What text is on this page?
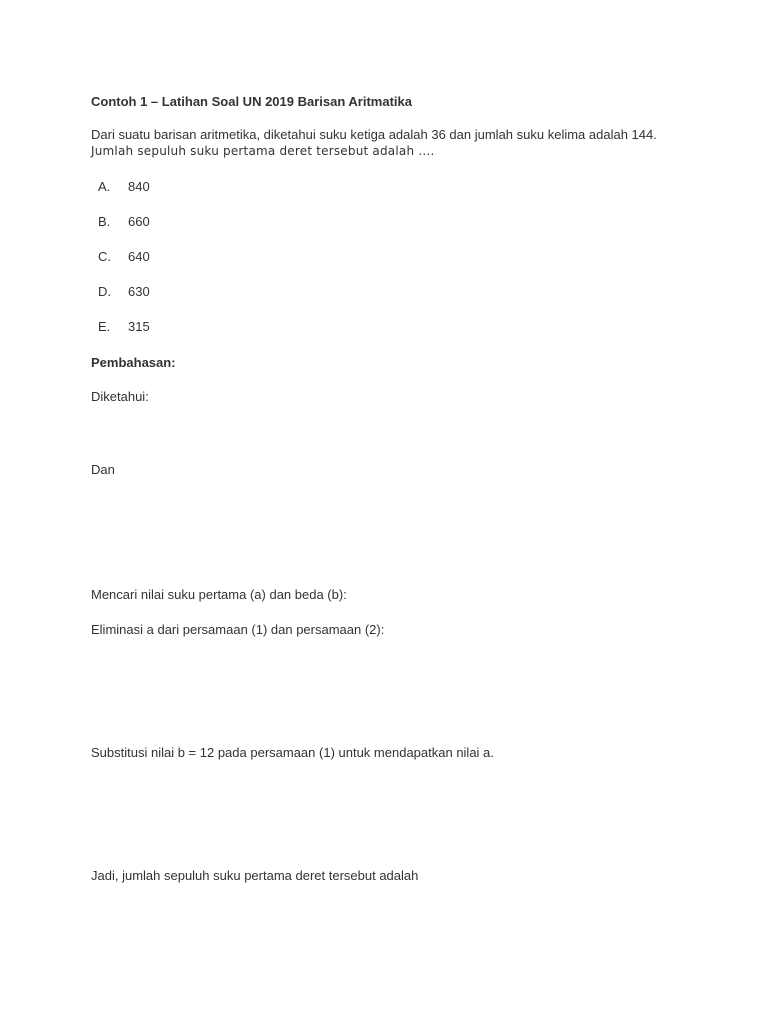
Contoh 1 – Latihan Soal UN 2019 Barisan Aritmatika
Dari suatu barisan aritmetika, diketahui suku ketiga adalah 36 dan jumlah suku kelima adalah 144.
Jumlah sepuluh suku pertama deret tersebut adalah ….
A. 840
B. 660
C. 640
D. 630
E. 315
Pembahasan:
Diketahui:
Dan
Mencari nilai suku pertama (a) dan beda (b):
Eliminasi a dari persamaan (1) dan persamaan (2):
Substitusi nilai b = 12 pada persamaan (1) untuk mendapatkan nilai a.
Jadi, jumlah sepuluh suku pertama deret tersebut adalah
